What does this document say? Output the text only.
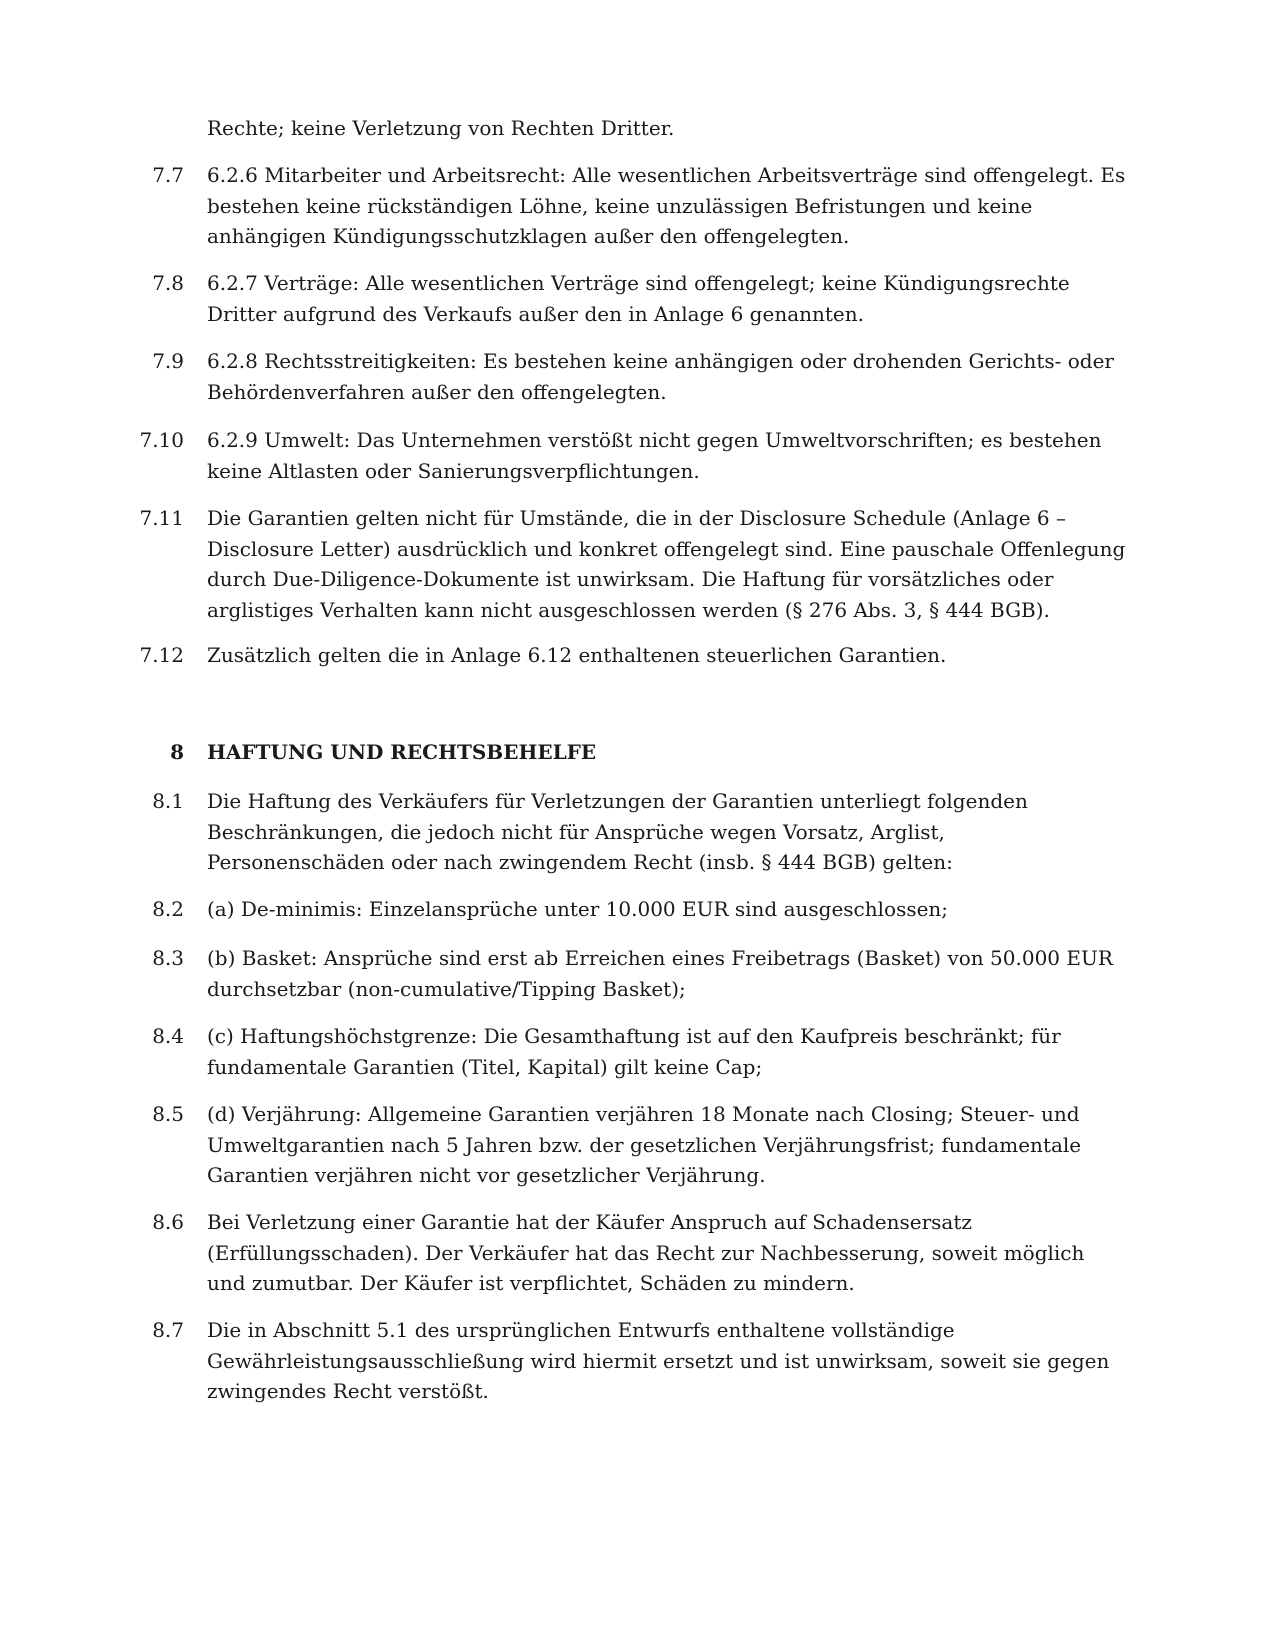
Rechte; keine Verletzung von Rechten Dritter.
7.7 6.2.6 Mitarbeiter und Arbeitsrecht: Alle wesentlichen Arbeitsverträge sind offengelegt. Es bestehen keine rückständigen Löhne, keine unzulässigen Befristungen und keine anhängigen Kündigungsschutzklagen außer den offengelegten.
7.8 6.2.7 Verträge: Alle wesentlichen Verträge sind offengelegt; keine Kündigungsrechte Dritter aufgrund des Verkaufs außer den in Anlage 6 genannten.
7.9 6.2.8 Rechtsstreitigkeiten: Es bestehen keine anhängigen oder drohenden Gerichts- oder Behördenverfahren außer den offengelegten.
7.10 6.2.9 Umwelt: Das Unternehmen verstößt nicht gegen Umweltvorschriften; es bestehen keine Altlasten oder Sanierungsverpflichtungen.
7.11 Die Garantien gelten nicht für Umstände, die in der Disclosure Schedule (Anlage 6 – Disclosure Letter) ausdrücklich und konkret offengelegt sind. Eine pauschale Offenlegung durch Due-Diligence-Dokumente ist unwirksam. Die Haftung für vorsätzliches oder arglistiges Verhalten kann nicht ausgeschlossen werden (§ 276 Abs. 3, § 444 BGB).
7.12 Zusätzlich gelten die in Anlage 6.12 enthaltenen steuerlichen Garantien.
8 HAFTUNG UND RECHTSBEHELFE
8.1 Die Haftung des Verkäufers für Verletzungen der Garantien unterliegt folgenden Beschränkungen, die jedoch nicht für Ansprüche wegen Vorsatz, Arglist, Personenschäden oder nach zwingendem Recht (insb. § 444 BGB) gelten:
8.2 (a) De-minimis: Einzelansprüche unter 10.000 EUR sind ausgeschlossen;
8.3 (b) Basket: Ansprüche sind erst ab Erreichen eines Freibetrags (Basket) von 50.000 EUR durchsetzbar (non-cumulative/Tipping Basket);
8.4 (c) Haftungshöchstgrenze: Die Gesamthaftung ist auf den Kaufpreis beschränkt; für fundamentale Garantien (Titel, Kapital) gilt keine Cap;
8.5 (d) Verjährung: Allgemeine Garantien verjähren 18 Monate nach Closing; Steuer- und Umweltgarantien nach 5 Jahren bzw. der gesetzlichen Verjährungsfrist; fundamentale Garantien verjähren nicht vor gesetzlicher Verjährung.
8.6 Bei Verletzung einer Garantie hat der Käufer Anspruch auf Schadensersatz (Erfüllungsschaden). Der Verkäufer hat das Recht zur Nachbesserung, soweit möglich und zumutbar. Der Käufer ist verpflichtet, Schäden zu mindern.
8.7 Die in Abschnitt 5.1 des ursprünglichen Entwurfs enthaltene vollständige Gewährleistungsausschließung wird hiermit ersetzt und ist unwirksam, soweit sie gegen zwingendes Recht verstößt.
